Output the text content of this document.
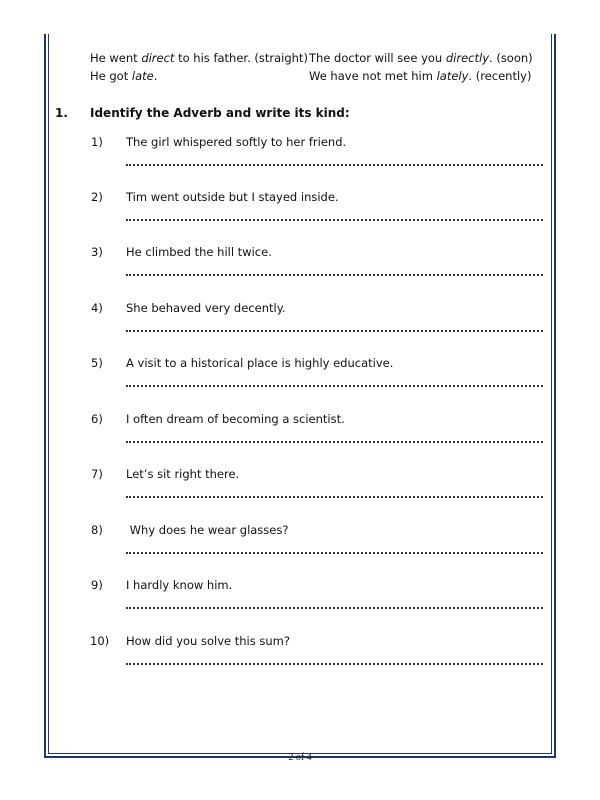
He went direct to his father. (straight)
He got late.
The doctor will see you directly. (soon)
We have not met him lately. (recently)
1. Identify the Adverb and write its kind:
1) The girl whispered softly to her friend.
2) Tim went outside but I stayed inside.
3) He climbed the hill twice.
4) She behaved very decently.
5) A visit to a historical place is highly educative.
6) I often dream of becoming a scientist.
7) Let’s sit right there.
8) Why does he wear glasses?
9) I hardly know him.
10) How did you solve this sum?
2 of 4
